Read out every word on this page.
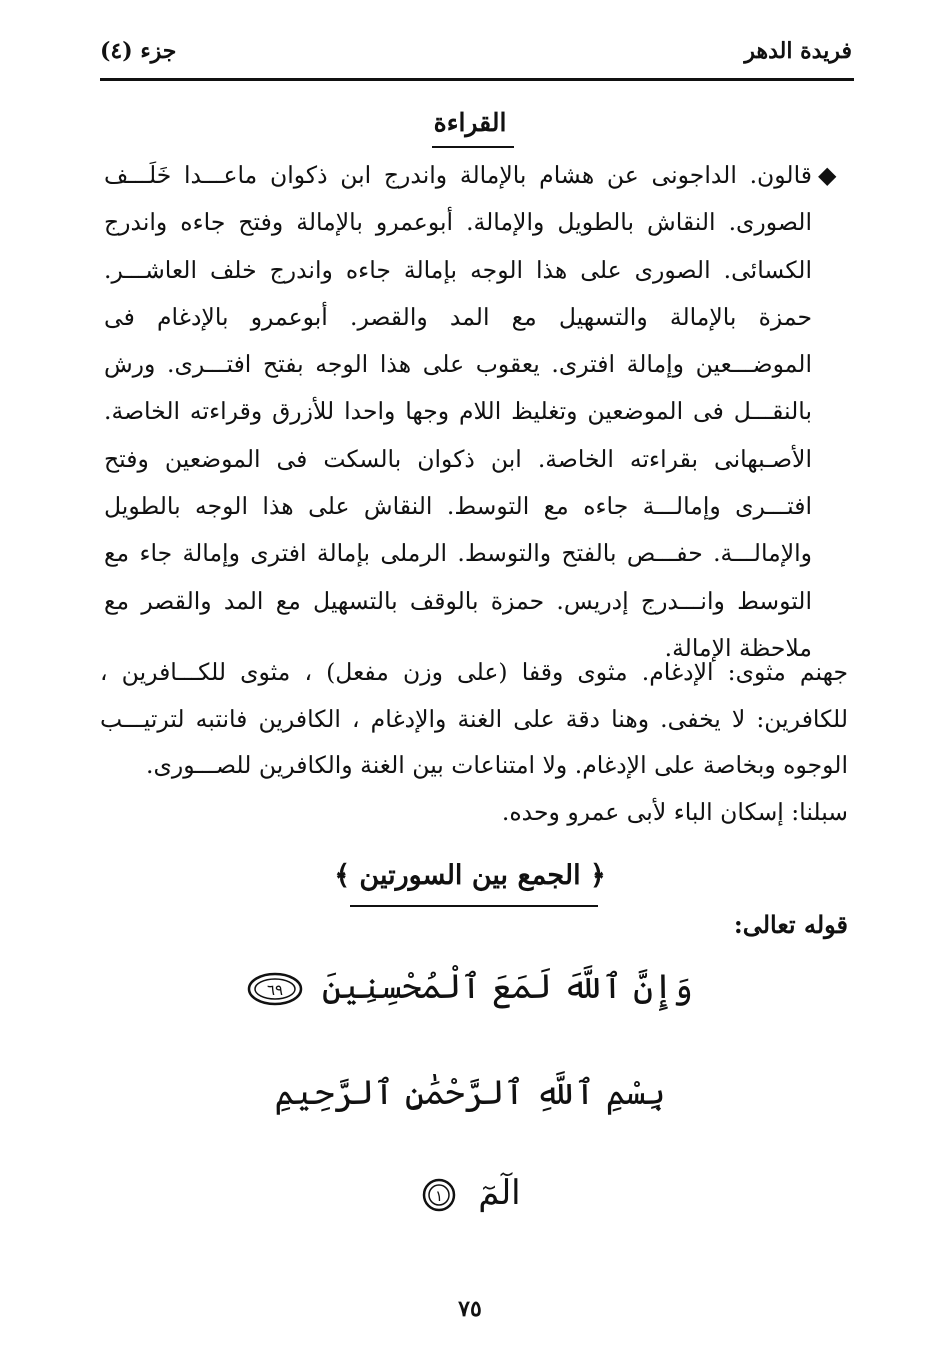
فريدة الدهر
جزء (٤)
القراءة
◆
قالون. الداجونى عن هشام بالإمالة واندرج ابن ذكوان ماعـــدا خَلَـــف الصورى. النقاش بالطويل والإمالة. أبوعمرو بالإمالة وفتح جاءه واندرج الكسائى. الصورى على هذا الوجه بإمالة جاءه واندرج خلف العاشـــر. حمزة بالإمالة والتسهيل مع المد والقصر. أبوعمرو بالإدغام فى الموضـــعين وإمالة افترى. يعقوب على هذا الوجه بفتح افتـــرى. ورش بالنقـــل فى الموضعين وتغليظ اللام وجها واحدا للأزرق وقراءته الخاصة. الأصـبهانى بقراءته الخاصة. ابن ذكوان بالسكت فى الموضعين وفتح افتـــرى وإمالـــة جاءه مع التوسط. النقاش على هذا الوجه بالطويل والإمالـــة. حفـــص بالفتح والتوسط. الرملى بإمالة افترى وإمالة جاء مع التوسط وانـــدرج إدريس. حمزة بالوقف بالتسهيل مع المد والقصر مع ملاحظة الإمالة.

جهنم مثوى: الإدغام. مثوى وقفا (على وزن مفعل) ، مثوى للكـــافرين ، للكافرين: لا يخفى. وهنا دقة على الغنة والإدغام ، الكافرين فانتبه لترتيـــب الوجوه وبخاصة على الإدغام. ولا امتناعات بين الغنة والكافرين للصـــورى.

سبلنا: إسكان الباء لأبى عمرو وحده.

﴿ الجمع بين السورتين ﴾
قوله تعالى:
وَإِنَّ ٱللَّهَ لَمَعَ ٱلْمُحْسِنِينَ
٦٩
بِسْمِ ٱللَّهِ ٱلرَّحْمَٰنِ ٱلرَّحِيمِ
الٓمٓ
١
٧٥
